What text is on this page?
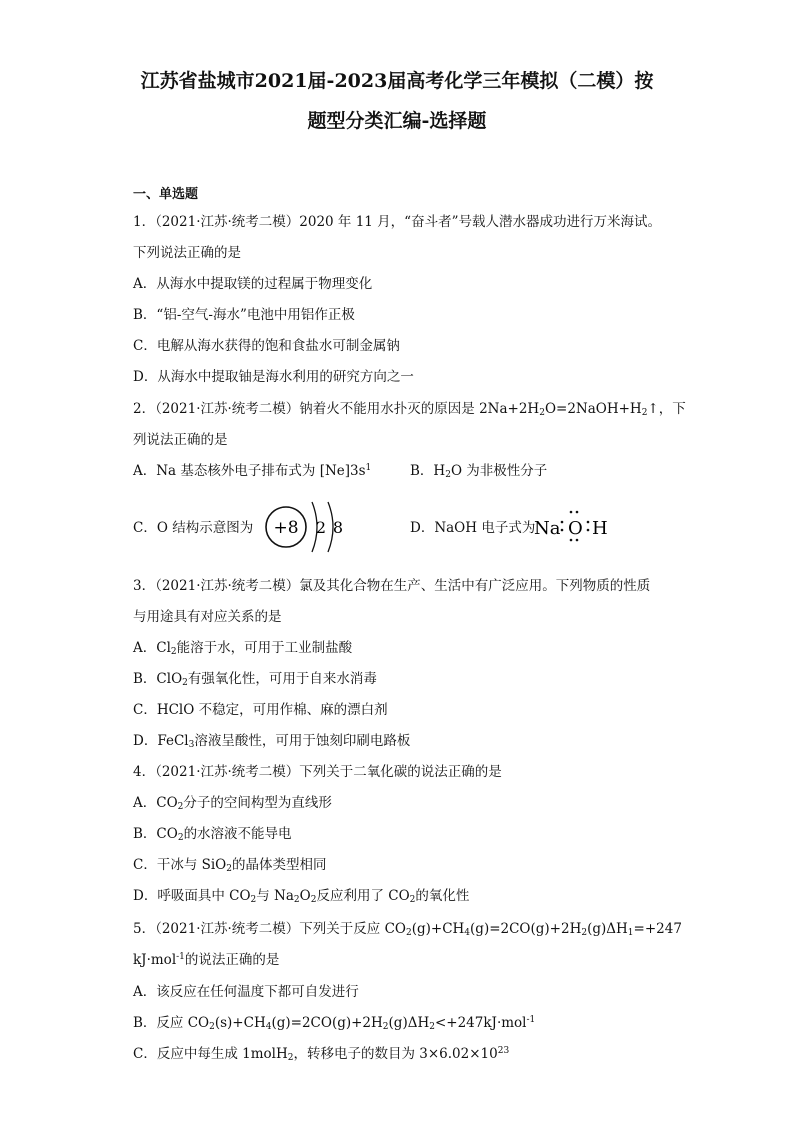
江苏省盐城市2021届-2023届高考化学三年模拟（二模）按
题型分类汇编-选择题
一、单选题
1．（2021·江苏·统考二模）2020 年 11 月，“奋斗者”号载人潜水器成功进行万米海试。
下列说法正确的是
A．从海水中提取镁的过程属于物理变化
B．“铝-空气-海水”电池中用铝作正极
C．电解从海水获得的饱和食盐水可制金属钠
D．从海水中提取铀是海水利用的研究方向之一
2．（2021·江苏·统考二模）钠着火不能用水扑灭的原因是 $2Na+2H_2O=2NaOH+H_2↑$，下
列说法正确的是
A．Na 基态核外电子排布式为 $[Ne]3s^1$	B．$H_2O$ 为非极性分子
C．O 结构示意图为 +8 2 8	D．NaOH 电子式为
Na O H
3．（2021·江苏·统考二模）氯及其化合物在生产、生活中有广泛应用。下列物质的性质
与用途具有对应关系的是
A．$Cl_2$能溶于水，可用于工业制盐酸
B．ClO$_2$有强氧化性，可用于自来水消毒
C．HClO 不稳定，可用作棉、麻的漂白剂
D．FeCl$_3$溶液呈酸性，可用于蚀刻印刷电路板
4．（2021·江苏·统考二模）下列关于二氧化碳的说法正确的是
A．$CO_2$分子的空间构型为直线形
B．$CO_2$的水溶液不能导电
C．干冰与 SiO$_2$的晶体类型相同
D．呼吸面具中 $CO_2$与 $Na_2O_2$反应利用了 $CO_2$的氧化性
5．（2021·江苏·统考二模）下列关于反应 $CO_2(g)+CH_4(g)=2CO(g)+2H_2(g)\Delta H_1=+247$
kJ·mol$^{-1}$的说法正确的是
A．该反应在任何温度下都可自发进行
B．反应 $CO_2(s)+CH_4(g)=2CO(g)+2H_2(g)\Delta H_2<+247kJ\cdot mol^{-1}$
C．反应中每生成 1molH$_2$，转移电子的数目为 $3\times 6.02\times 10^{23}$
